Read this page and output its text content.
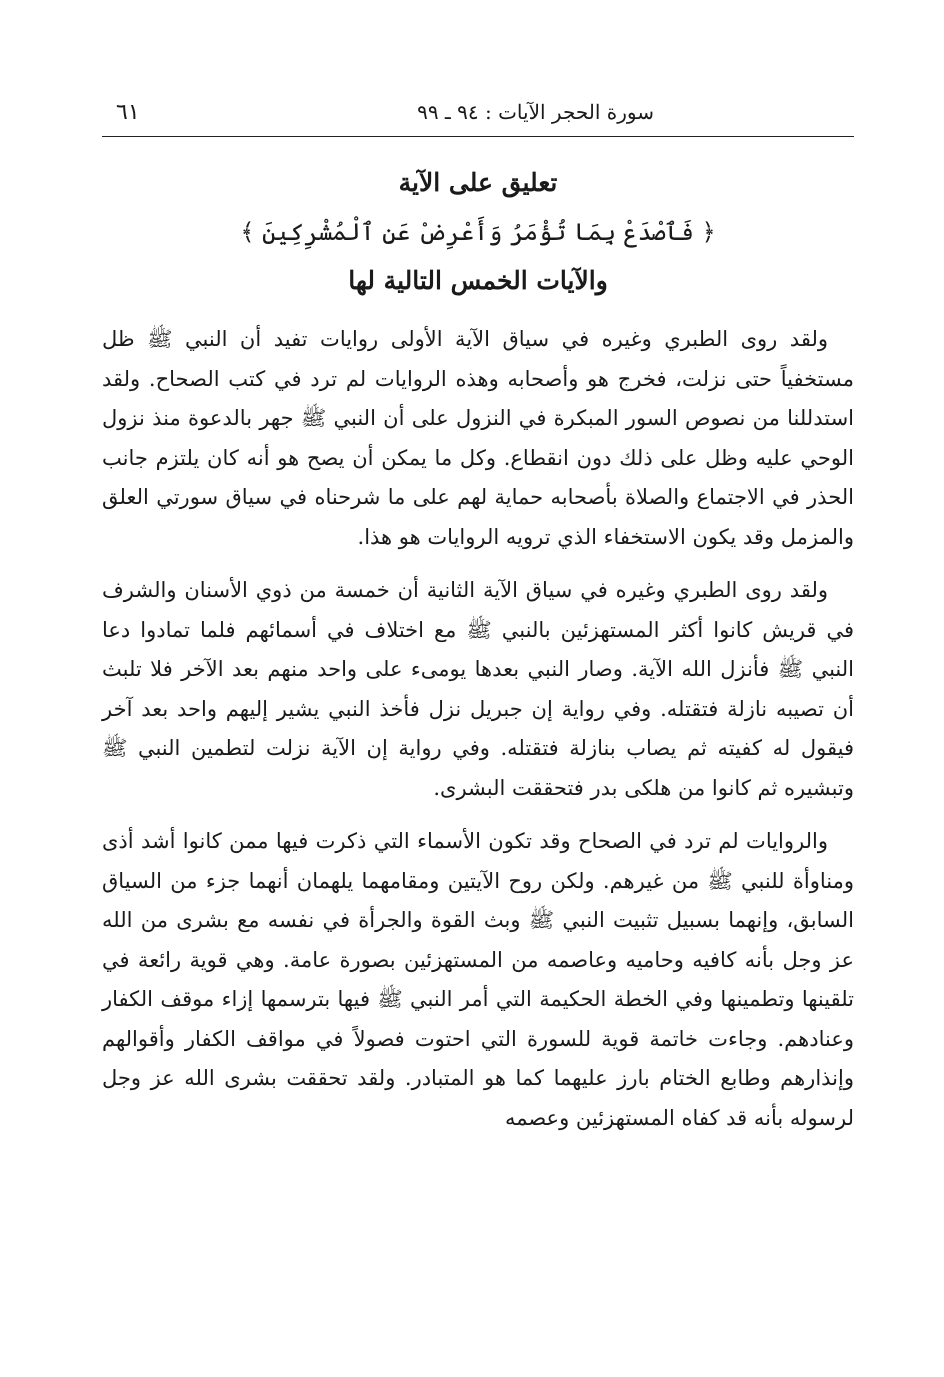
سورة الحجر الآيات : ٩٤ ـ ٩٩
٦١
تعليق على الآية
﴿ فَٱصْدَعْ بِمَا تُؤْمَرُ وَأَعْرِضْ عَنِ ٱلْمُشْرِكِينَ ﴾
والآيات الخمس التالية لها

ولقد روى الطبري وغيره في سياق الآية الأولى روايات تفيد أن النبي ﷺ ظل مستخفياً حتى نزلت، فخرج هو وأصحابه وهذه الروايات لم ترد في كتب الصحاح. ولقد استدللنا من نصوص السور المبكرة في النزول على أن النبي ﷺ جهر بالدعوة منذ نزول الوحي عليه وظل على ذلك دون انقطاع. وكل ما يمكن أن يصح هو أنه كان يلتزم جانب الحذر في الاجتماع والصلاة بأصحابه حماية لهم على ما شرحناه في سياق سورتي العلق والمزمل وقد يكون الاستخفاء الذي ترويه الروايات هو هذا.

ولقد روى الطبري وغيره في سياق الآية الثانية أن خمسة من ذوي الأسنان والشرف في قريش كانوا أكثر المستهزئين بالنبي ﷺ مع اختلاف في أسمائهم فلما تمادوا دعا النبي ﷺ فأنزل الله الآية. وصار النبي بعدها يومىء على واحد منهم بعد الآخر فلا تلبث أن تصيبه نازلة فتقتله. وفي رواية إن جبريل نزل فأخذ النبي يشير إليهم واحد بعد آخر فيقول له كفيته ثم يصاب بنازلة فتقتله. وفي رواية إن الآية نزلت لتطمين النبي ﷺ وتبشيره ثم كانوا من هلكى بدر فتحققت البشرى.

والروايات لم ترد في الصحاح وقد تكون الأسماء التي ذكرت فيها ممن كانوا أشد أذى ومناوأة للنبي ﷺ من غيرهم. ولكن روح الآيتين ومقامهما يلهمان أنهما جزء من السياق السابق، وإنهما بسبيل تثبيت النبي ﷺ وبث القوة والجرأة في نفسه مع بشرى من الله عز وجل بأنه كافيه وحاميه وعاصمه من المستهزئين بصورة عامة. وهي قوية رائعة في تلقينها وتطمينها وفي الخطة الحكيمة التي أمر النبي ﷺ فيها بترسمها إزاء موقف الكفار وعنادهم. وجاءت خاتمة قوية للسورة التي احتوت فصولاً في مواقف الكفار وأقوالهم وإنذارهم وطابع الختام بارز عليهما كما هو المتبادر. ولقد تحققت بشرى الله عز وجل لرسوله بأنه قد كفاه المستهزئين وعصمه
